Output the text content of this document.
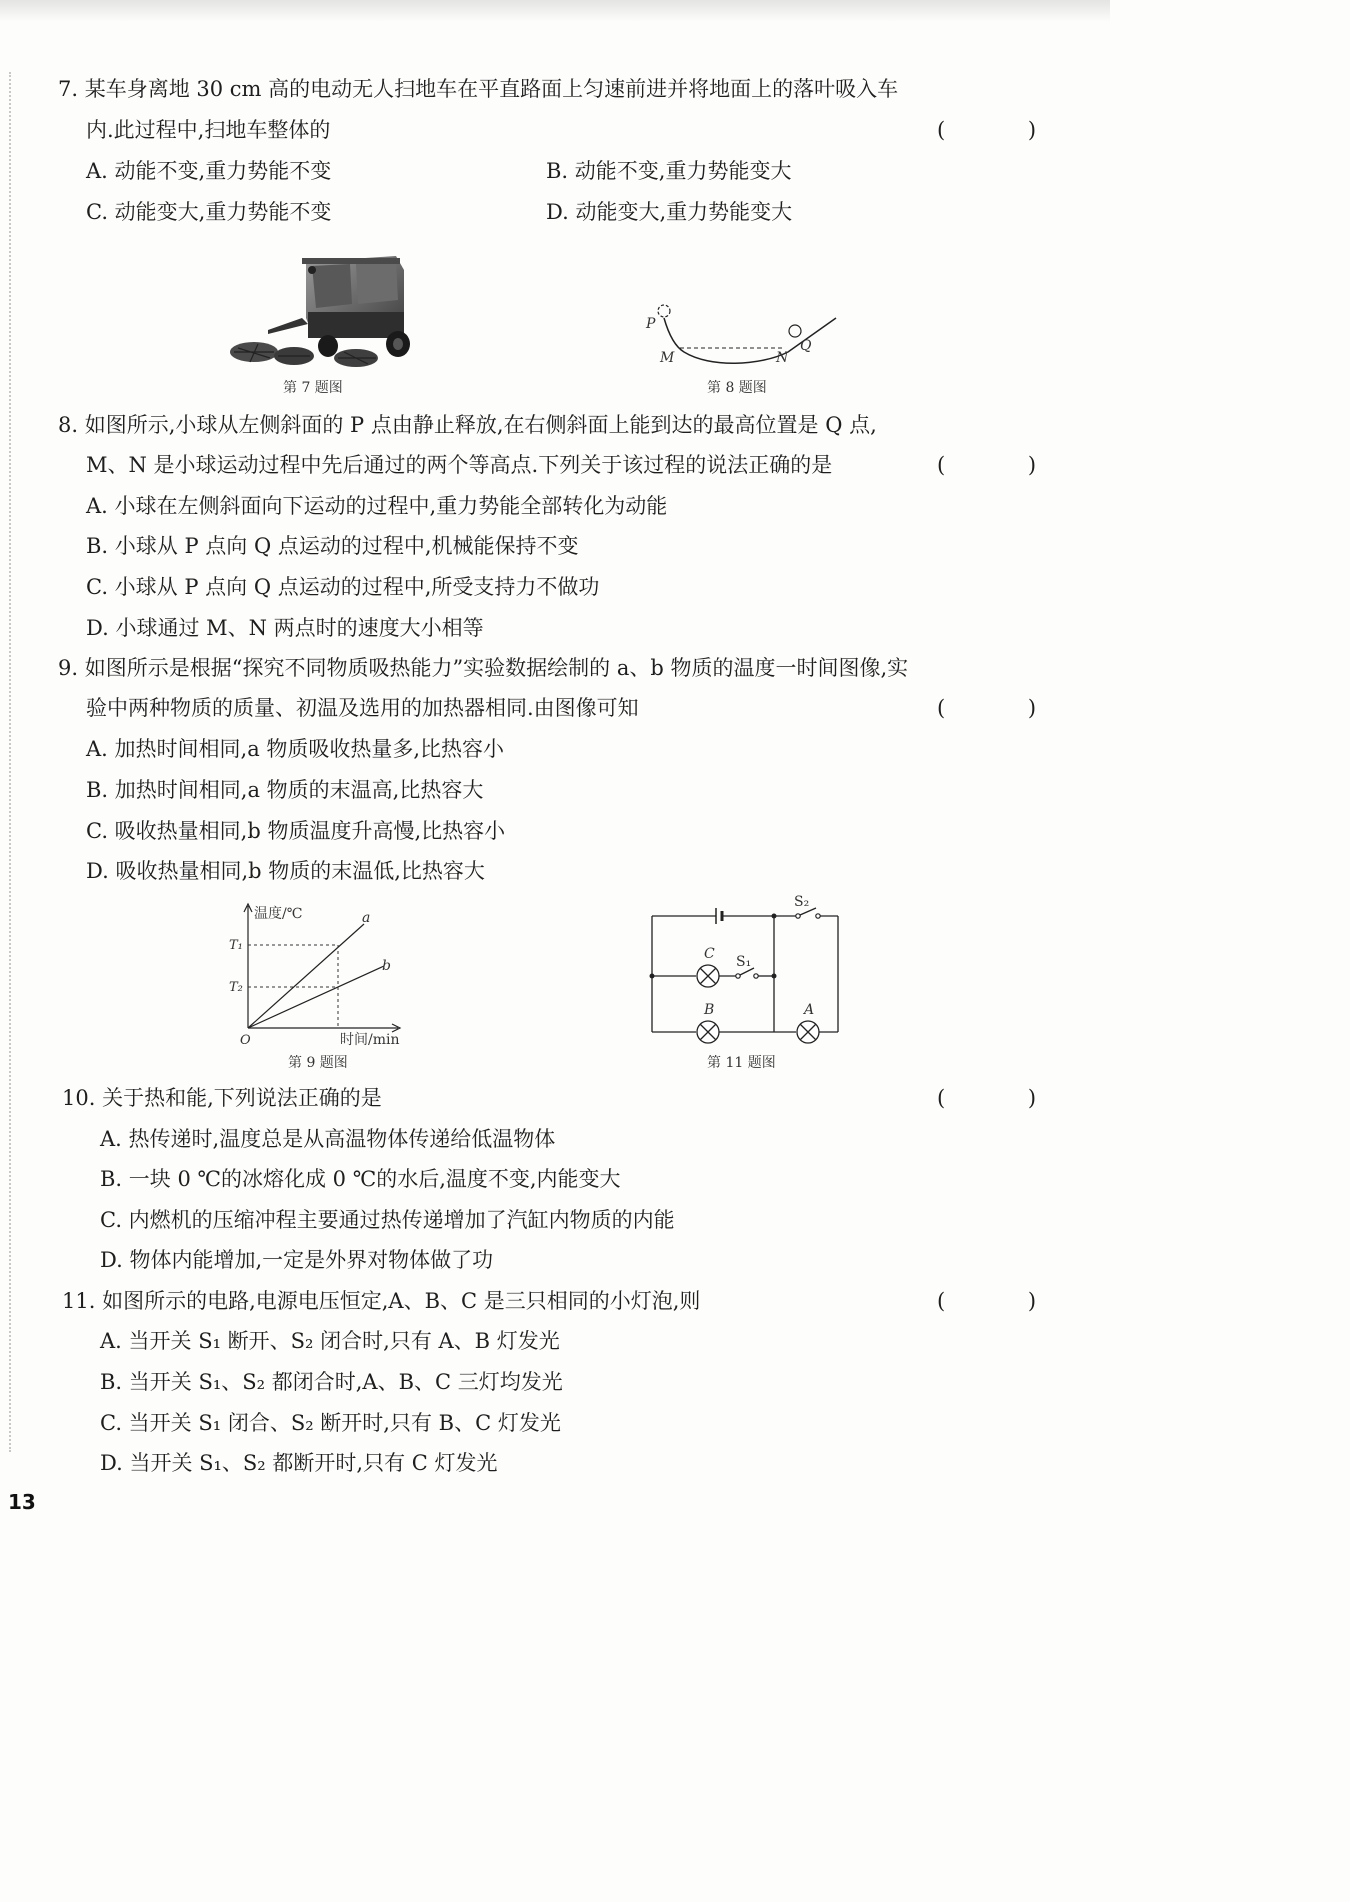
7. 某车身离地 30 cm 高的电动无人扫地车在平直路面上匀速前进并将地面上的落叶吸入车
内.此过程中,扫地车整体的	( )
A. 动能不变,重力势能不变	B. 动能不变,重力势能变大
C. 动能变大,重力势能不变	D. 动能变大,重力势能变大
第 7 题图
P
M	N
Q
第 8 题图
8. 如图所示,小球从左侧斜面的 P 点由静止释放,在右侧斜面上能到达的最高位置是 Q 点,
M、N 是小球运动过程中先后通过的两个等高点.下列关于该过程的说法正确的是	( )
A. 小球在左侧斜面向下运动的过程中,重力势能全部转化为动能
B. 小球从 P 点向 Q 点运动的过程中,机械能保持不变
C. 小球从 P 点向 Q 点运动的过程中,所受支持力不做功
D. 小球通过 M、N 两点时的速度大小相等
9. 如图所示是根据“探究不同物质吸热能力”实验数据绘制的 a、b 物质的温度一时间图像,实
验中两种物质的质量、初温及选用的加热器相同.由图像可知	( )
A. 加热时间相同,a 物质吸收热量多,比热容小
B. 加热时间相同,a 物质的末温高,比热容大
C. 吸收热量相同,b 物质温度升高慢,比热容小
D. 吸收热量相同,b 物质的末温低,比热容大
温度/℃
时间/min
O
T₁
T₂
a
b
第 9 题图
S₂
S₁
C
B	A
第 11 题图
10. 关于热和能,下列说法正确的是	( )
A. 热传递时,温度总是从高温物体传递给低温物体
B. 一块 0 ℃的冰熔化成 0 ℃的水后,温度不变,内能变大
C. 内燃机的压缩冲程主要通过热传递增加了汽缸内物质的内能
D. 物体内能增加,一定是外界对物体做了功
11. 如图所示的电路,电源电压恒定,A、B、C 是三只相同的小灯泡,则	( )
A. 当开关 S₁ 断开、S₂ 闭合时,只有 A、B 灯发光
B. 当开关 S₁、S₂ 都闭合时,A、B、C 三灯均发光
C. 当开关 S₁ 闭合、S₂ 断开时,只有 B、C 灯发光
D. 当开关 S₁、S₂ 都断开时,只有 C 灯发光
13
